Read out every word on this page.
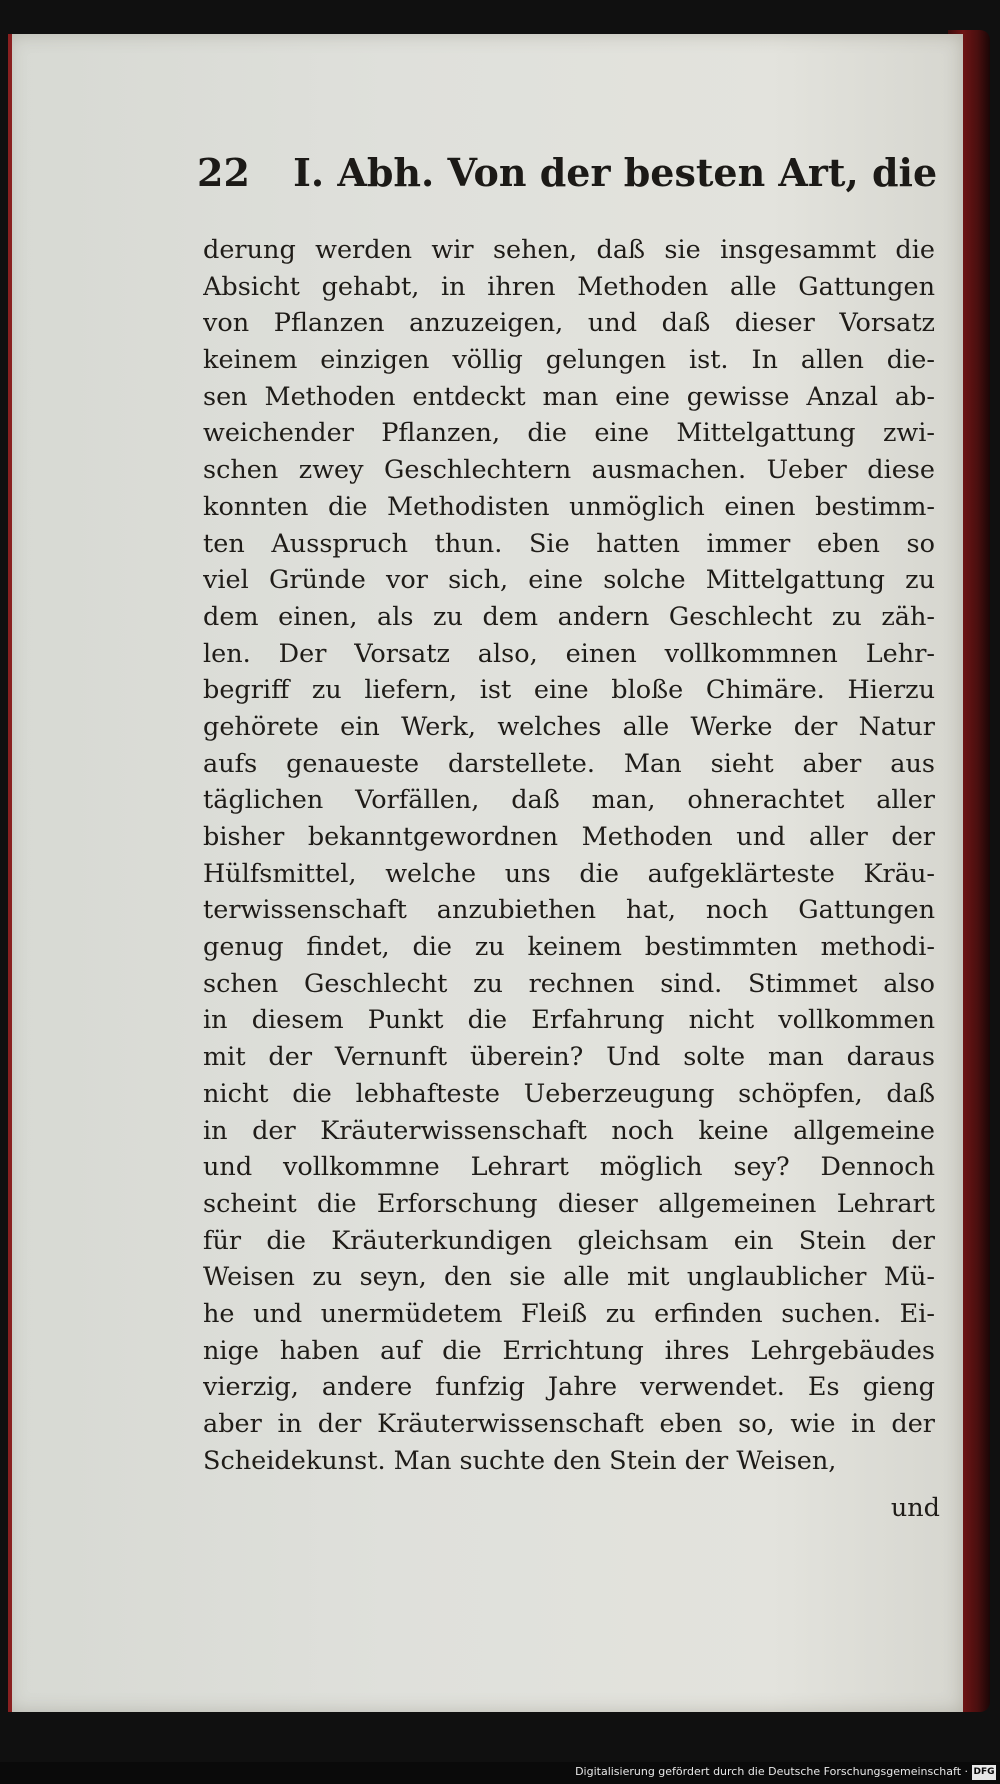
22 I. Abh. Von der besten Art, die
derung werden wir sehen, daß sie insgesammt die
Absicht gehabt, in ihren Methoden alle Gattungen
von Pflanzen anzuzeigen, und daß dieser Vorsatz
keinem einzigen völlig gelungen ist. In allen die-
sen Methoden entdeckt man eine gewisse Anzal ab-
weichender Pflanzen, die eine Mittelgattung zwi-
schen zwey Geschlechtern ausmachen. Ueber diese
konnten die Methodisten unmöglich einen bestimm-
ten Ausspruch thun. Sie hatten immer eben so
viel Gründe vor sich, eine solche Mittelgattung zu
dem einen, als zu dem andern Geschlecht zu zäh-
len. Der Vorsatz also, einen vollkommnen Lehr-
begriff zu liefern, ist eine bloße Chimäre. Hierzu
gehörete ein Werk, welches alle Werke der Natur
aufs genaueste darstellete. Man sieht aber aus
täglichen Vorfällen, daß man, ohnerachtet aller
bisher bekanntgewordnen Methoden und aller der
Hülfsmittel, welche uns die aufgeklärteste Kräu-
terwissenschaft anzubiethen hat, noch Gattungen
genug findet, die zu keinem bestimmten methodi-
schen Geschlecht zu rechnen sind. Stimmet also
in diesem Punkt die Erfahrung nicht vollkommen
mit der Vernunft überein? Und solte man daraus
nicht die lebhafteste Ueberzeugung schöpfen, daß
in der Kräuterwissenschaft noch keine allgemeine
und vollkommne Lehrart möglich sey? Dennoch
scheint die Erforschung dieser allgemeinen Lehrart
für die Kräuterkundigen gleichsam ein Stein der
Weisen zu seyn, den sie alle mit unglaublicher Mü-
he und unermüdetem Fleiß zu erfinden suchen. Ei-
nige haben auf die Errichtung ihres Lehrgebäudes
vierzig, andere funfzig Jahre verwendet. Es gieng
aber in der Kräuterwissenschaft eben so, wie in der
Scheidekunst. Man suchte den Stein der Weisen,
und
Digitalisierung gefördert durch die Deutsche Forschungsgemeinschaft · DFG
